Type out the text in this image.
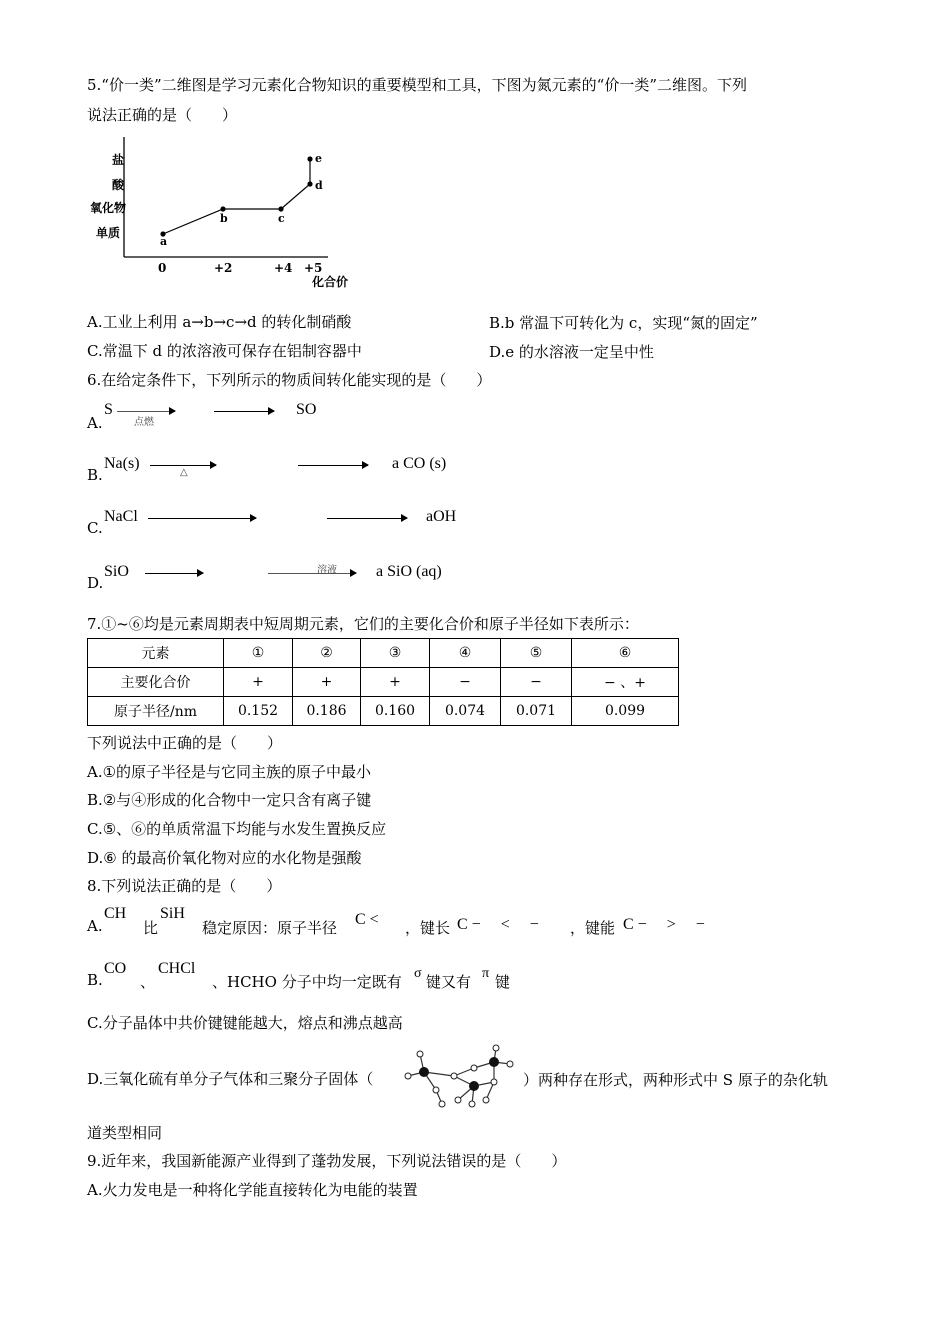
5.“价一类”二维图是学习元素化合物知识的重要模型和工具，下图为氮元素的“价一类”二维图。下列
说法正确的是（　　）
单质
氧化物
酸
盐
0	+2	+4 +5
化合价
a
b	c
d
e
A.工业上利用 a→b→c→d 的转化制硝酸	B.b 常温下可转化为 c，实现“氮的固定”
C.常温下 d 的浓溶液可保存在铝制容器中	D.e 的水溶液一定呈中性
6.在给定条件下，下列所示的物质间转化能实现的是（　　）
A.
S
点燃
SO
B.
Na(s)
△
a CO (s)
C.
NaCl	aOH
D.
SiO	溶液 a SiO (aq)
7.①~⑥均是元素周期表中短周期元素，它们的主要化合价和原子半径如下表所示：
元素	①	②	③	④	⑤	⑥
主要化合价	+	+	+	−	−	− 、+
原子半径/nm	0.152	0.186	0.160	0.074	0.071	0.099
下列说法中正确的是（　　）
A.①的原子半径是与它同主族的原子中最小
B.②与④形成的化合物中一定只含有离子键
C.⑤、⑥的单质常温下均能与水发生置换反应
D.⑥ 的最高价氧化物对应的水化物是强酸
8.下列说法正确的是（　　）
A.
CH
比
SiH
稳定原因：原子半径 C < ，键长 C −　 <　 − ，键能 C −　 >　 −
B.
CO
、
CHCl
、HCHO 分子中均一定既有 σ 键又有 π 键
C.分子晶体中共价键键能越大，熔点和沸点越高
D.三氧化硫有单分子气体和三聚分子固体（	）两种存在形式，两种形式中 S 原子的杂化轨
道类型相同
9.近年来，我国新能源产业得到了蓬勃发展，下列说法错误的是（　　）
A.火力发电是一种将化学能直接转化为电能的装置
